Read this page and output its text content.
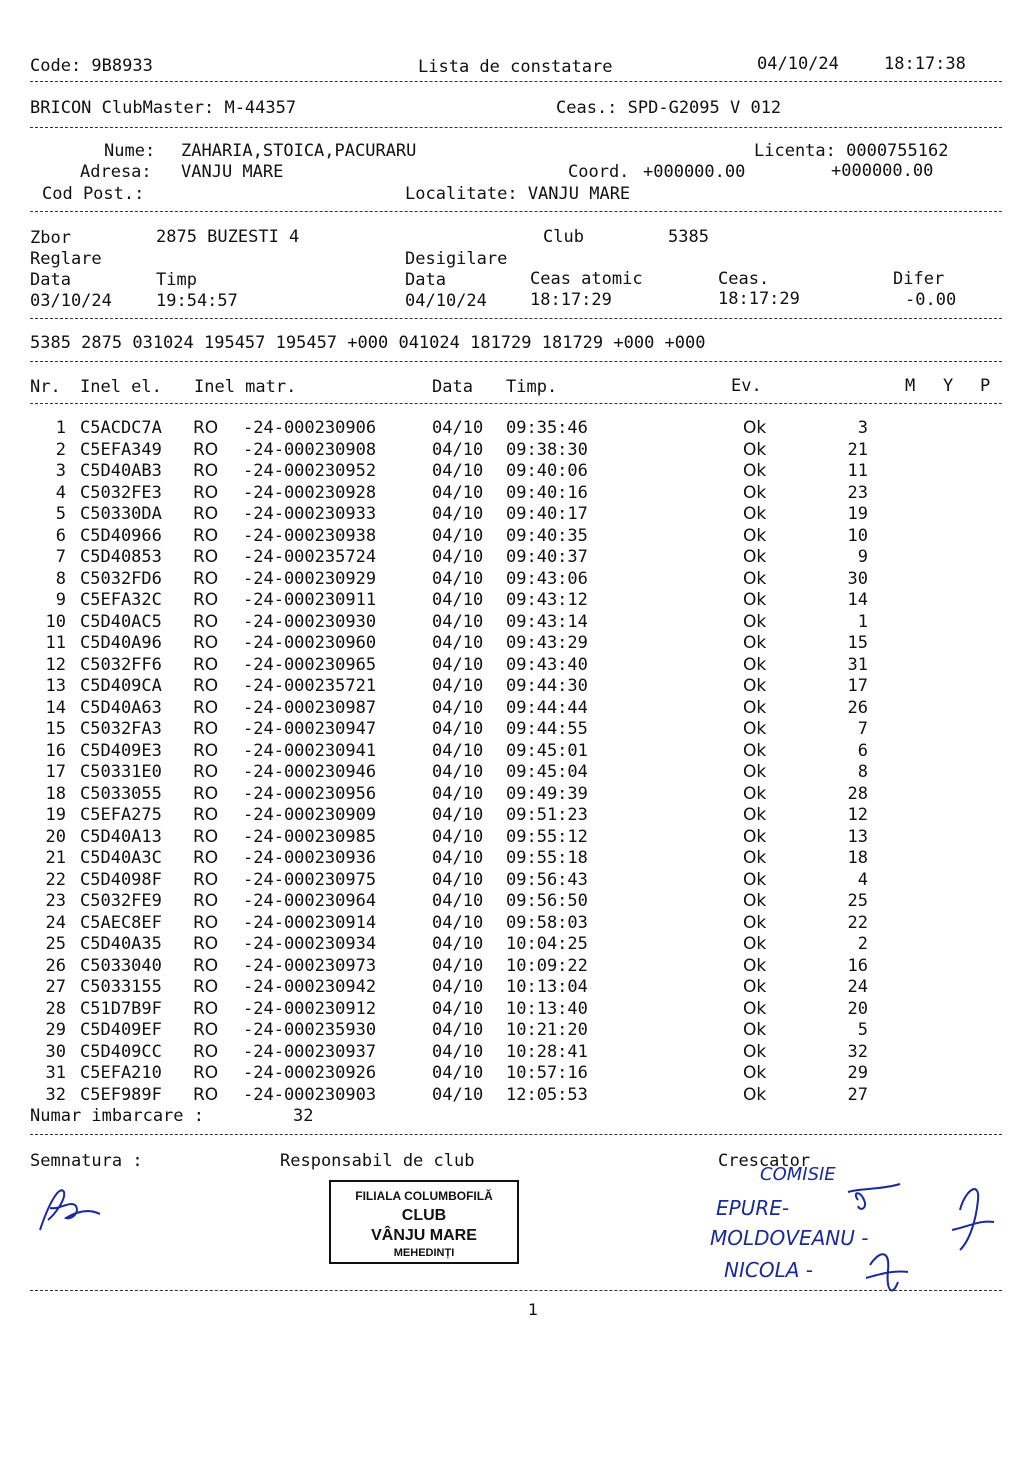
Code: 9B8933	Lista de constatare	04/10/24	18:17:38
BRICON ClubMaster: M-44357	Ceas.: SPD-G2095 V 012
Nume: ZAHARIA,STOICA,PACURARU	Licenta: 0000755162
Adresa: VANJU MARE	Coord. +000000.00	+000000.00
Cod Post.:	Localitate: VANJU MARE
Zbor	2875 BUZESTI 4	Club	5385
Reglare	Desigilare
Data	Timp	Data	Ceas atomic	Ceas.	Difer
03/10/24	19:54:57	04/10/24	18:17:29	18:17:29	-0.00
5385 2875 031024 195457 195457 +000 041024 181729 181729 +000 +000
Nr. Inel el. Inel matr.	Data Timp.	Ev.	M Y P
1 C5ACDC7A RO -24-000230906	04/10 09:35:46	Ok	3
2 C5EFA349 RO -24-000230908	04/10 09:38:30	Ok	21
3 C5D40AB3 RO -24-000230952	04/10 09:40:06	Ok	11
4 C5032FE3 RO -24-000230928	04/10 09:40:16	Ok	23
5 C50330DA RO -24-000230933	04/10 09:40:17	Ok	19
6 C5D40966 RO -24-000230938	04/10 09:40:35	Ok	10
7 C5D40853 RO -24-000235724	04/10 09:40:37	Ok	9
8 C5032FD6 RO -24-000230929	04/10 09:43:06	Ok	30
9 C5EFA32C RO -24-000230911	04/10 09:43:12	Ok	14
10 C5D40AC5 RO -24-000230930	04/10 09:43:14	Ok	1
11 C5D40A96 RO -24-000230960	04/10 09:43:29	Ok	15
12 C5032FF6 RO -24-000230965	04/10 09:43:40	Ok	31
13 C5D409CA RO -24-000235721	04/10 09:44:30	Ok	17
14 C5D40A63 RO -24-000230987	04/10 09:44:44	Ok	26
15 C5032FA3 RO -24-000230947	04/10 09:44:55	Ok	7
16 C5D409E3 RO -24-000230941	04/10 09:45:01	Ok	6
17 C50331E0 RO -24-000230946	04/10 09:45:04	Ok	8
18 C5033055 RO -24-000230956	04/10 09:49:39	Ok	28
19 C5EFA275 RO -24-000230909	04/10 09:51:23	Ok	12
20 C5D40A13 RO -24-000230985	04/10 09:55:12	Ok	13
21 C5D40A3C RO -24-000230936	04/10 09:55:18	Ok	18
22 C5D4098F RO -24-000230975	04/10 09:56:43	Ok	4
23 C5032FE9 RO -24-000230964	04/10 09:56:50	Ok	25
24 C5AEC8EF RO -24-000230914	04/10 09:58:03	Ok	22
25 C5D40A35 RO -24-000230934	04/10 10:04:25	Ok	2
26 C5033040 RO -24-000230973	04/10 10:09:22	Ok	16
27 C5033155 RO -24-000230942	04/10 10:13:04	Ok	24
28 C51D7B9F RO -24-000230912	04/10 10:13:40	Ok	20
29 C5D409EF RO -24-000235930	04/10 10:21:20	Ok	5
30 C5D409CC RO -24-000230937	04/10 10:28:41	Ok	32
31 C5EFA210 RO -24-000230926	04/10 10:57:16	Ok	29
32 C5EF989F RO -24-000230903	04/10 12:05:53	Ok	27
Numar imbarcare :	32
Semnatura :	Responsabil de club	Crescator
FILIALA COLUMBOFILĂ
CLUB
VÂNJU MARE
MEHEDINȚI
COMISIE
EPURE-
MOLDOVEANU -
NICOLA -
1
